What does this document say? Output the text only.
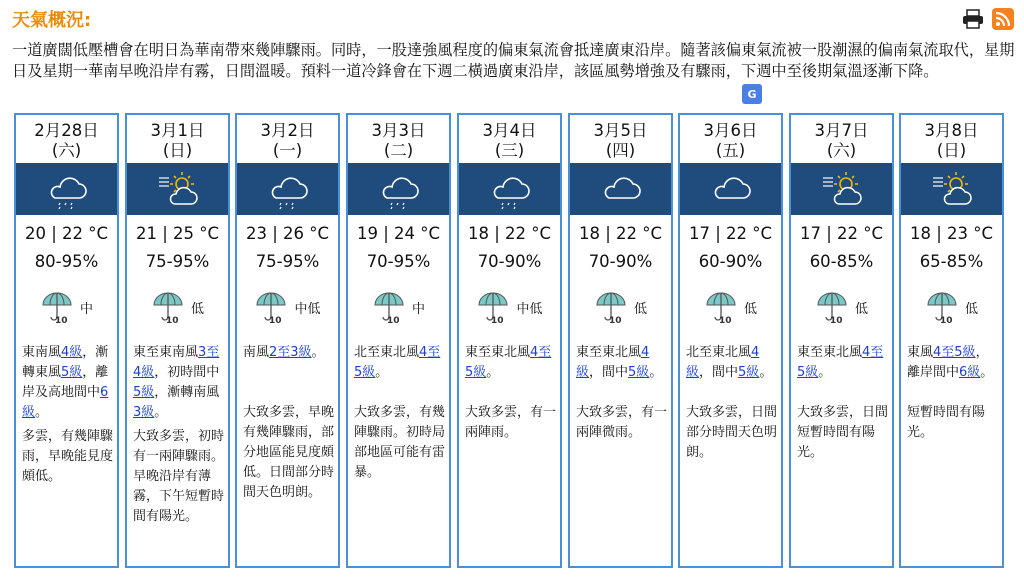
天氣概況:
一道廣闊低壓槽會在明日為華南帶來幾陣驟雨。同時，一股達強風程度的偏東氣流會抵達廣東沿岸。隨著該偏東氣流被一股潮濕的偏南氣流取代，星期日及星期一華南早晚沿岸有霧，日間溫暖。預料一道冷鋒會在下週二橫過廣東沿岸，該區風勢增強及有驟雨，下週中至後期氣溫逐漸下降。
G
2月28日
(六)
20 | 22 °C
80-95%
10
中
東南風4級，漸轉東風5級，離岸及高地間中6級。
多雲，有幾陣驟雨，早晚能見度頗低。
3月1日
(日)
21 | 25 °C
75-95%
10
低
東至東南風3至4級，初時間中5級，漸轉南風3級。
大致多雲，初時有一兩陣驟雨。早晚沿岸有薄霧，下午短暫時間有陽光。
3月2日
(一)
23 | 26 °C
75-95%
10
中低
南風2至3級。
大致多雲，早晚有幾陣驟雨，部分地區能見度頗低。日間部分時間天色明朗。
3月3日
(二)
19 | 24 °C
70-95%
10
中
北至東北風4至5級。
大致多雲，有幾陣驟雨。初時局部地區可能有雷暴。
3月4日
(三)
18 | 22 °C
70-90%
10
中低
東至東北風4至5級。
大致多雲，有一兩陣雨。
3月5日
(四)
18 | 22 °C
70-90%
10
低
東至東北風4級，間中5級。
大致多雲，有一兩陣微雨。
3月6日
(五)
17 | 22 °C
60-90%
10
低
北至東北風4級，間中5級。
大致多雲，日間部分時間天色明朗。
3月7日
(六)
17 | 22 °C
60-85%
10
低
東至東北風4至5級。
大致多雲，日間短暫時間有陽光。
3月8日
(日)
18 | 23 °C
65-85%
10
低
東風4至5級，離岸間中6級。
短暫時間有陽光。
